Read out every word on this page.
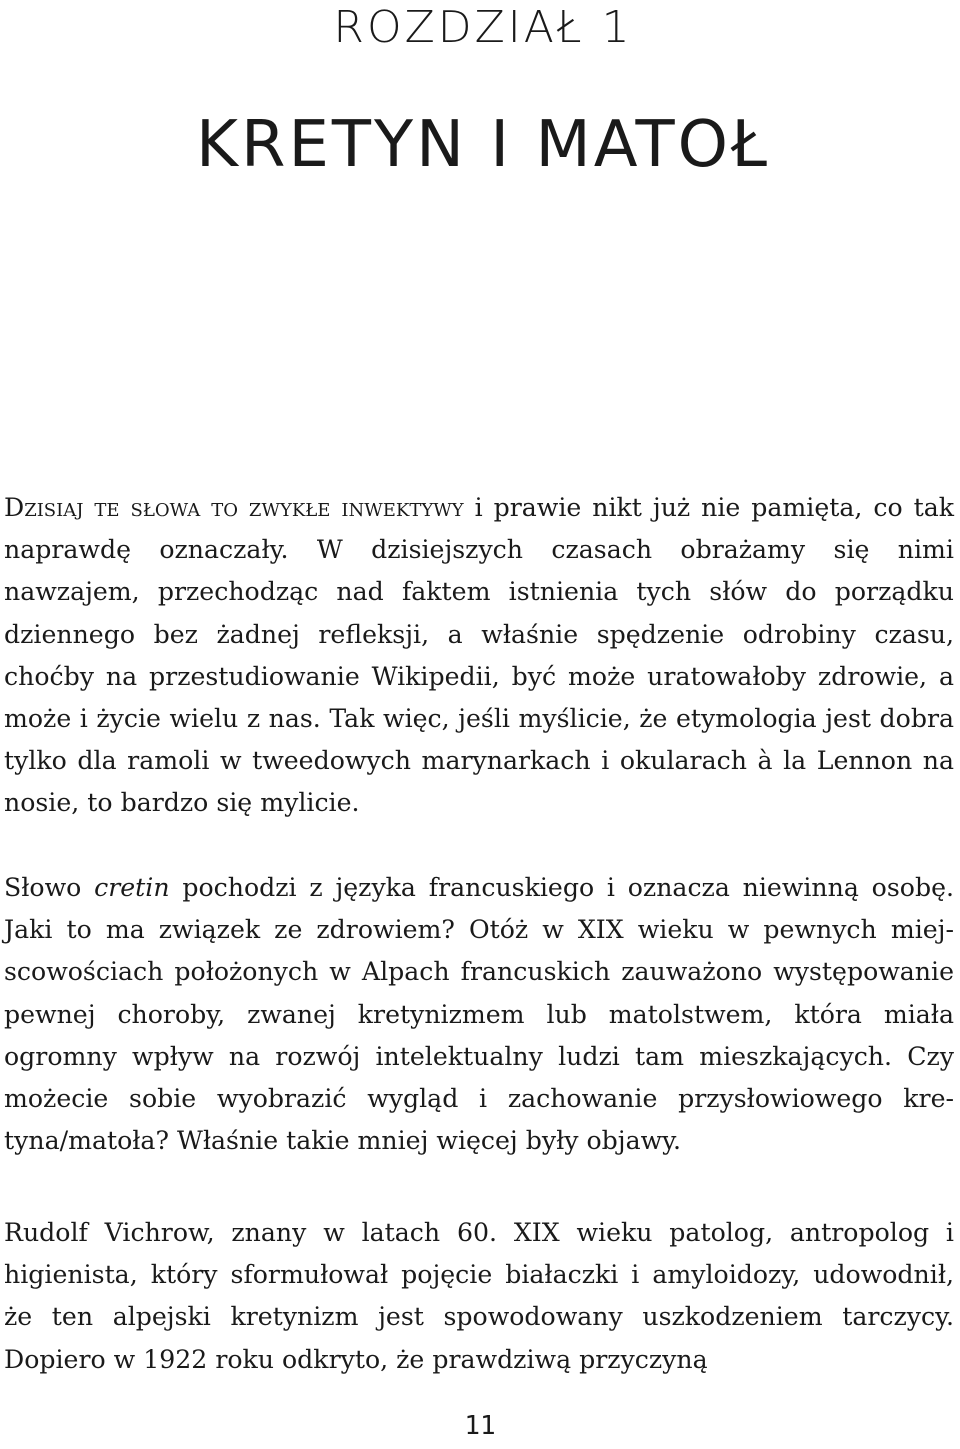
ROZDZIAŁ 1
KRETYN I MATOŁ

Dzisiaj te słowa to zwykłe inwektywy i prawie nikt już nie pamięta, co tak naprawdę oznaczały. W dzisiejszych czasach obrażamy się nimi nawzajem, przechodząc nad faktem istnienia tych słów do porządku dziennego bez żadnej refleksji, a właśnie spędzenie odrobiny czasu, choćby na przestudiowanie Wikipedii, być może uratowałoby zdrowie, a może i życie wielu z nas. Tak więc, jeśli myślicie, że etymologia jest dobra tylko dla ramoli w tweedowych marynarkach i okularach à la Lennon na nosie, to bardzo się mylicie.

Słowo cretin pochodzi z języka francuskiego i oznacza niewinną osobę. Jaki to ma związek ze zdrowiem? Otóż w XIX wieku w pewnych miejscowościach położonych w Alpach francuskich zauważono występowanie pewnej choroby, zwanej kretynizmem lub matolstwem, która miała ogromny wpływ na rozwój intelektualny ludzi tam mieszkających. Czy możecie sobie wyobrazić wygląd i zachowanie przysłowiowego kretyna/matoła? Właśnie takie mniej więcej były objawy.

Rudolf Vichrow, znany w latach 60. XIX wieku patolog, antropolog i higienista, który sformułował pojęcie białaczki i amyloidozy, udowodnił, że ten alpejski kretynizm jest spowodowany uszkodzeniem tarczycy. Dopiero w 1922 roku odkryto, że prawdziwą przyczyną

11
